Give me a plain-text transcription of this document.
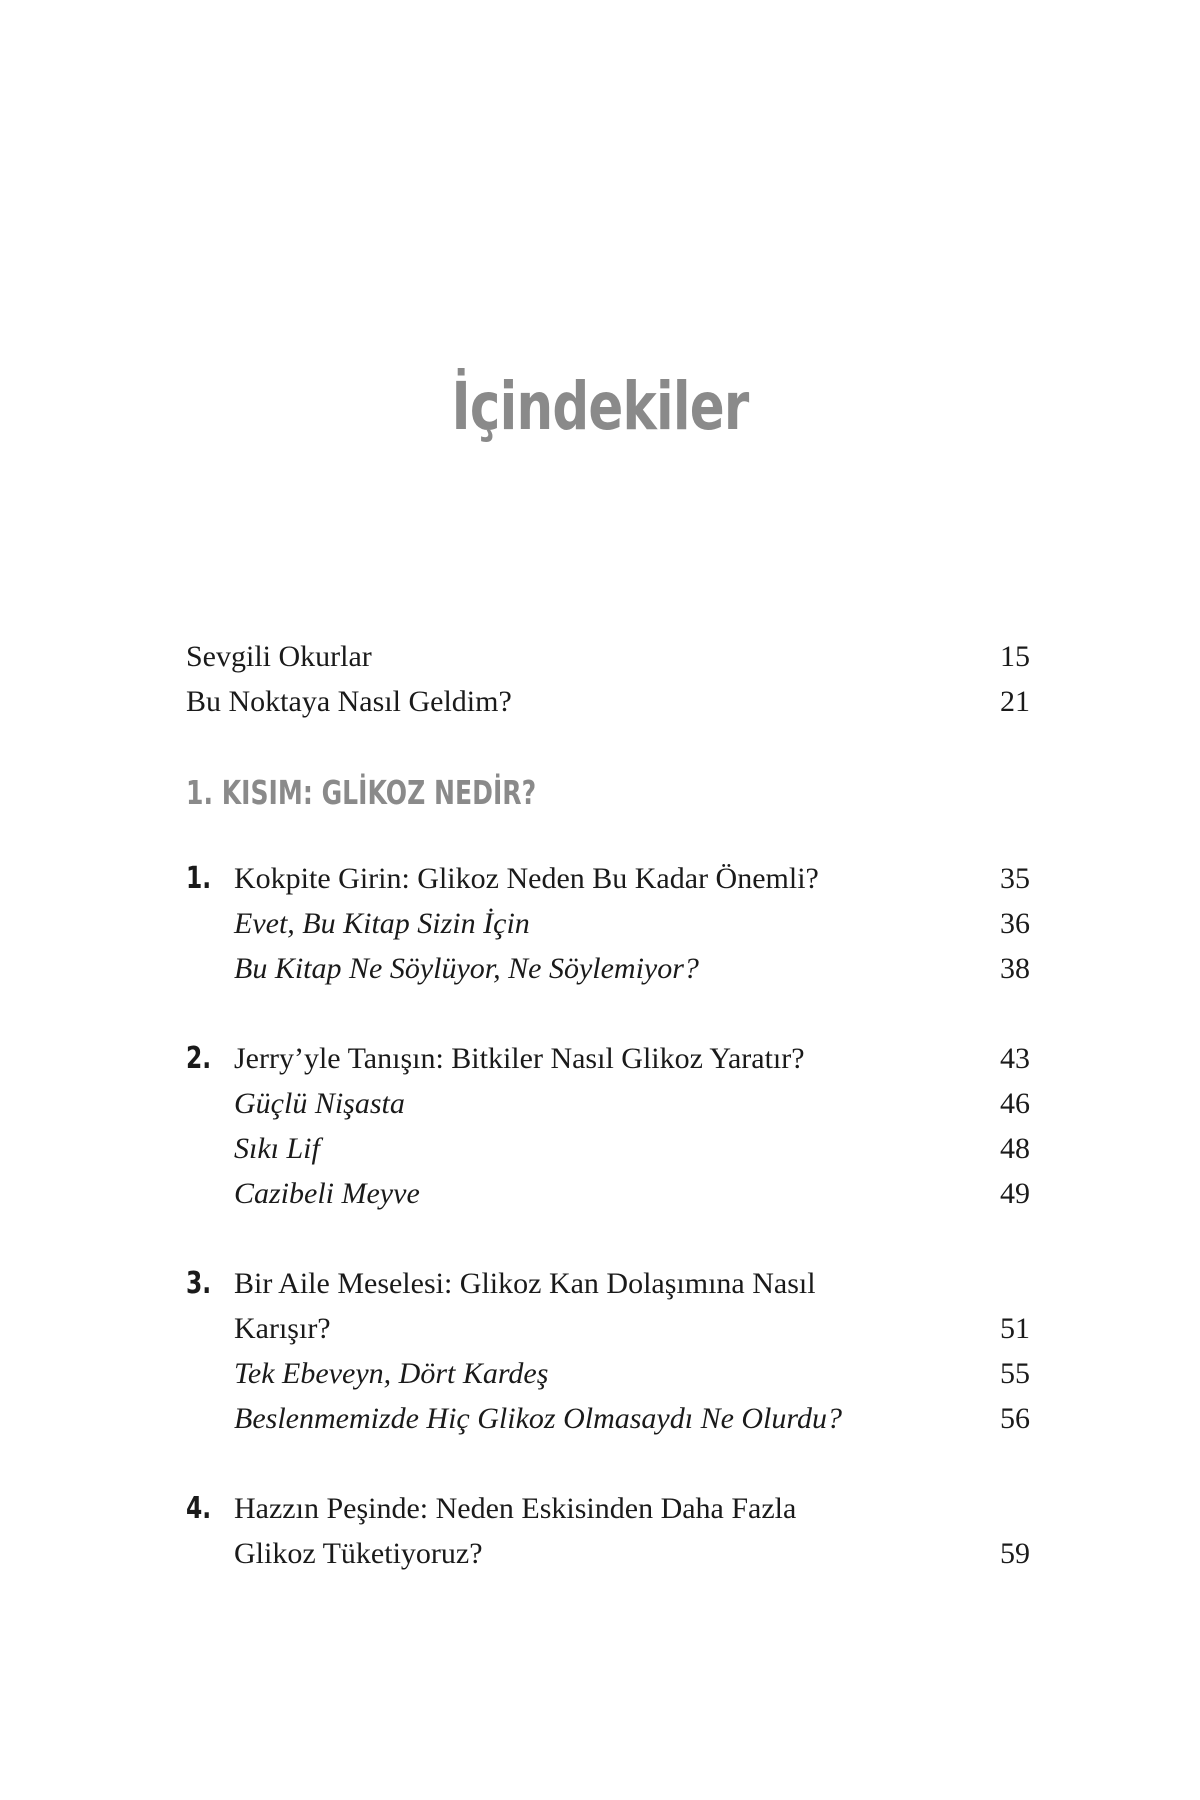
İçindekiler
Sevgili Okurlar	15
Bu Noktaya Nasıl Geldim?	21
1. KISIM: GLİKOZ NEDİR?
1. Kokpite Girin: Glikoz Neden Bu Kadar Önemli?	35
Evet, Bu Kitap Sizin İçin	36
Bu Kitap Ne Söylüyor, Ne Söylemiyor?	38
2. Jerry’yle Tanışın: Bitkiler Nasıl Glikoz Yaratır?	43
Güçlü Nişasta	46
Sıkı Lif	48
Cazibeli Meyve	49
3. Bir Aile Meselesi: Glikoz Kan Dolaşımına Nasıl
Karışır?	51
Tek Ebeveyn, Dört Kardeş	55
Beslenmemizde Hiç Glikoz Olmasaydı Ne Olurdu?	56
4. Hazzın Peşinde: Neden Eskisinden Daha Fazla
Glikoz Tüketiyoruz?	59
